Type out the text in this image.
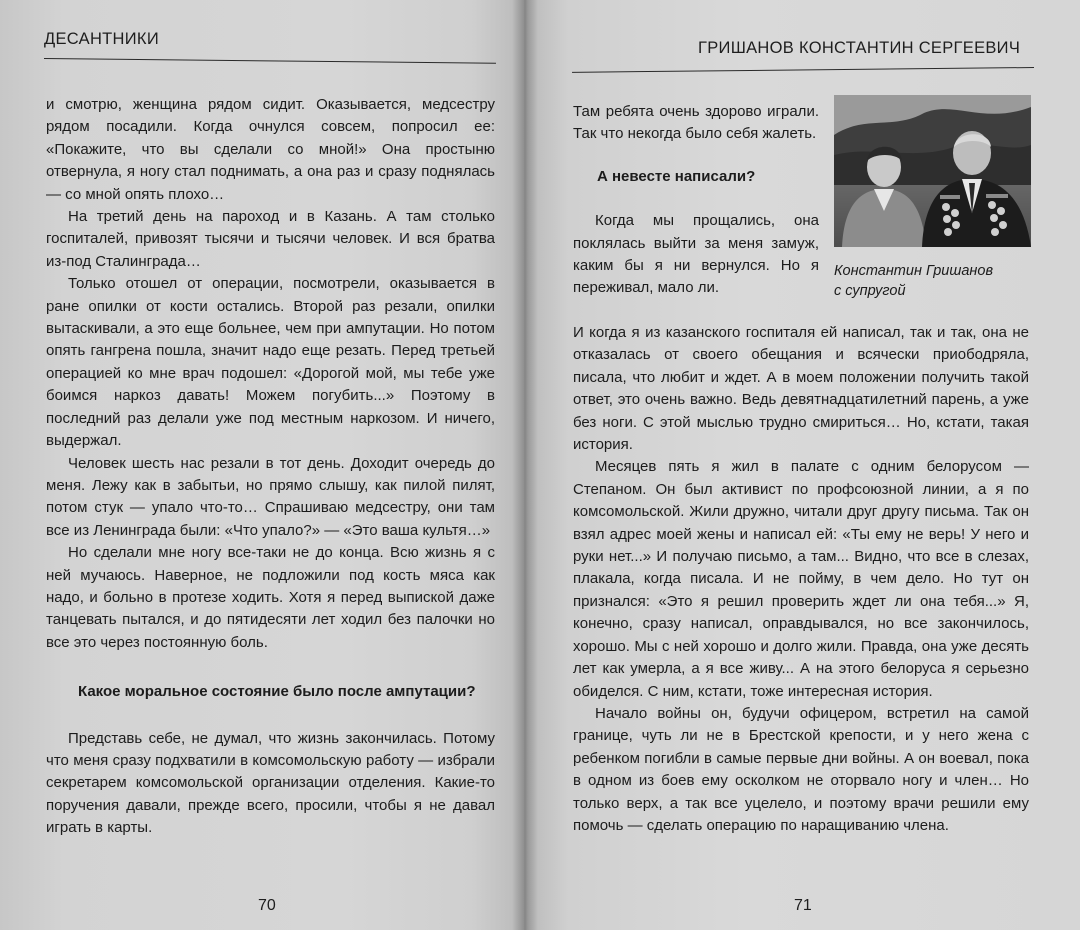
ДЕСАНТНИКИ

и смотрю, женщина рядом сидит. Оказывается, медсестру рядом посадили. Когда очнулся совсем, попросил ее: «Покажите, что вы сделали со мной!» Она простыню отвернула, я ногу стал поднимать, а она раз и сразу поднялась — со мной опять плохо…

На третий день на пароход и в Казань. А там столько госпиталей, привозят тысячи и тысячи человек. И вся братва из-под Сталинграда…

Только отошел от операции, посмотрели, оказывается в ране опилки от кости остались. Второй раз резали, опилки вытаскивали, а это еще больнее, чем при ампутации. Но потом опять гангрена пошла, значит надо еще резать. Перед третьей операцией ко мне врач подошел: «Дорогой мой, мы тебе уже боимся наркоз давать! Можем погубить...» Поэтому в последний раз делали уже под местным наркозом. И ничего, выдержал.

Человек шесть нас резали в тот день. Доходит очередь до меня. Лежу как в забытьи, но прямо слышу, как пилой пилят, потом стук — упало что-то… Спрашиваю медсестру, они там все из Ленинграда были: «Что упало?» — «Это ваша культя…»

Но сделали мне ногу все-таки не до конца. Всю жизнь я с ней мучаюсь. Наверное, не подложили под кость мяса как надо, и больно в протезе ходить. Хотя я перед выпиской даже танцевать пытался, и до пятидесяти лет ходил без палочки но все это через постоянную боль.

Какое моральное состояние было после ампутации?

Представь себе, не думал, что жизнь закончилась. Потому что меня сразу подхватили в комсомольскую работу — избрали секретарем комсомольской организации отделения. Какие-то поручения давали, прежде всего, просили, чтобы я не давал играть в карты.

70
ГРИШАНОВ КОНСТАНТИН СЕРГЕЕВИЧ

Там ребята очень здорово играли. Так что некогда было себя жалеть.

А невесте написали?

Когда мы прощались, она поклялась выйти за меня замуж, каким бы я ни вернулся. Но я переживал, мало ли.

Константин Гришанов
с супругой

И когда я из казанского госпиталя ей написал, так и так, она не отказалась от своего обещания и всячески приободряла, писала, что любит и ждет. А в моем положении получить такой ответ, это очень важно. Ведь девятнадцатилетний парень, а уже без ноги. С этой мыслью трудно смириться… Но, кстати, такая история.

Месяцев пять я жил в палате с одним белорусом — Степаном. Он был активист по профсоюзной линии, а я по комсомольской. Жили дружно, читали друг другу письма. Так он взял адрес моей жены и написал ей: «Ты ему не верь! У него и руки нет...» И получаю письмо, а там... Видно, что все в слезах, плакала, когда писала. И не пойму, в чем дело. Но тут он признался: «Это я решил проверить ждет ли она тебя...» Я, конечно, сразу написал, оправдывался, но все закончилось, хорошо. Мы с ней хорошо и долго жили. Правда, она уже десять лет как умерла, а я все живу... А на этого белоруса я серьезно обиделся. С ним, кстати, тоже интересная история.

Начало войны он, будучи офицером, встретил на самой границе, чуть ли не в Брестской крепости, и у него жена с ребенком погибли в самые первые дни войны. А он воевал, пока в одном из боев ему осколком не оторвало ногу и член… Но только верх, а так все уцелело, и поэтому врачи решили ему помочь — сделать операцию по наращиванию члена.

71
